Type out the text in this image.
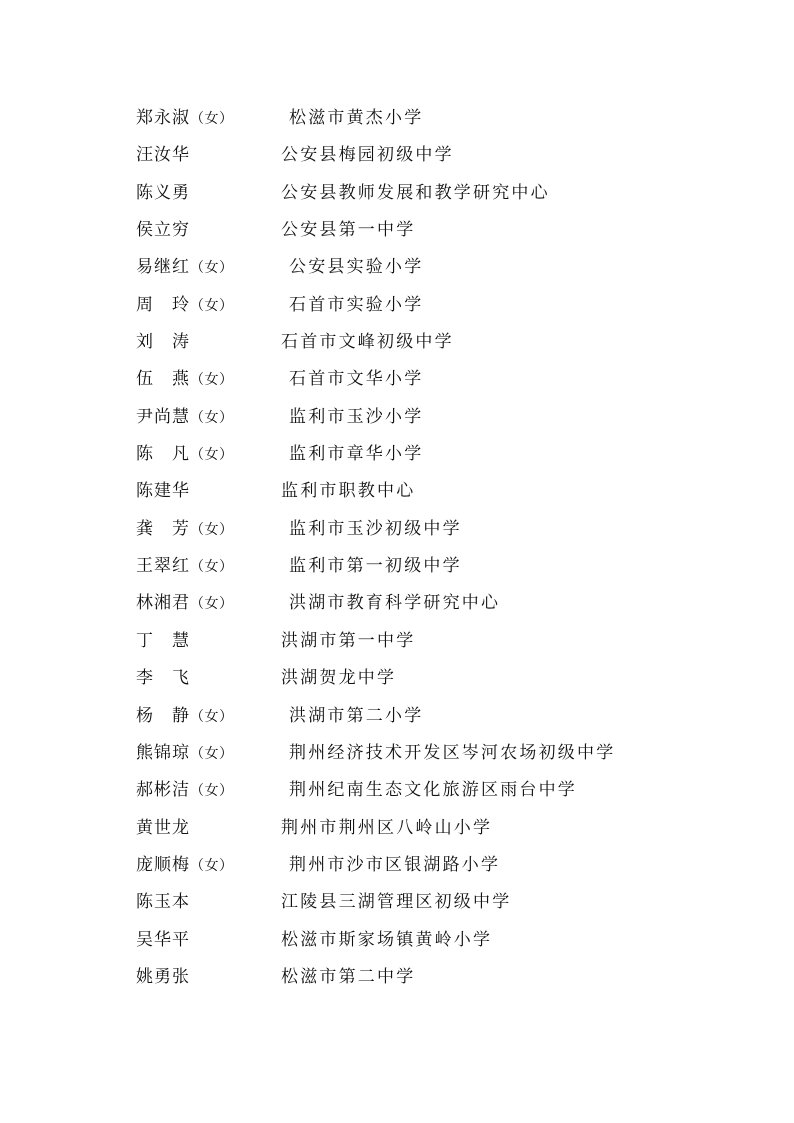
郑永淑（女）	松滋市黄杰小学
汪汝华	公安县梅园初级中学
陈义勇	公安县教师发展和教学研究中心
侯立穷	公安县第一中学
易继红（女）	公安县实验小学
周　玲（女）	石首市实验小学
刘　涛	石首市文峰初级中学
伍　燕（女）	石首市文华小学
尹尚慧（女）	监利市玉沙小学
陈　凡（女）	监利市章华小学
陈建华	监利市职教中心
龚　芳（女）	监利市玉沙初级中学
王翠红（女）	监利市第一初级中学
林湘君（女）	洪湖市教育科学研究中心
丁　慧	洪湖市第一中学
李　飞	洪湖贺龙中学
杨　静（女）	洪湖市第二小学
熊锦琼（女）	荆州经济技术开发区岑河农场初级中学
郝彬洁（女）	荆州纪南生态文化旅游区雨台中学
黄世龙	荆州市荆州区八岭山小学
庞顺梅（女）	荆州市沙市区银湖路小学
陈玉本	江陵县三湖管理区初级中学
吴华平	松滋市斯家场镇黄岭小学
姚勇张	松滋市第二中学
